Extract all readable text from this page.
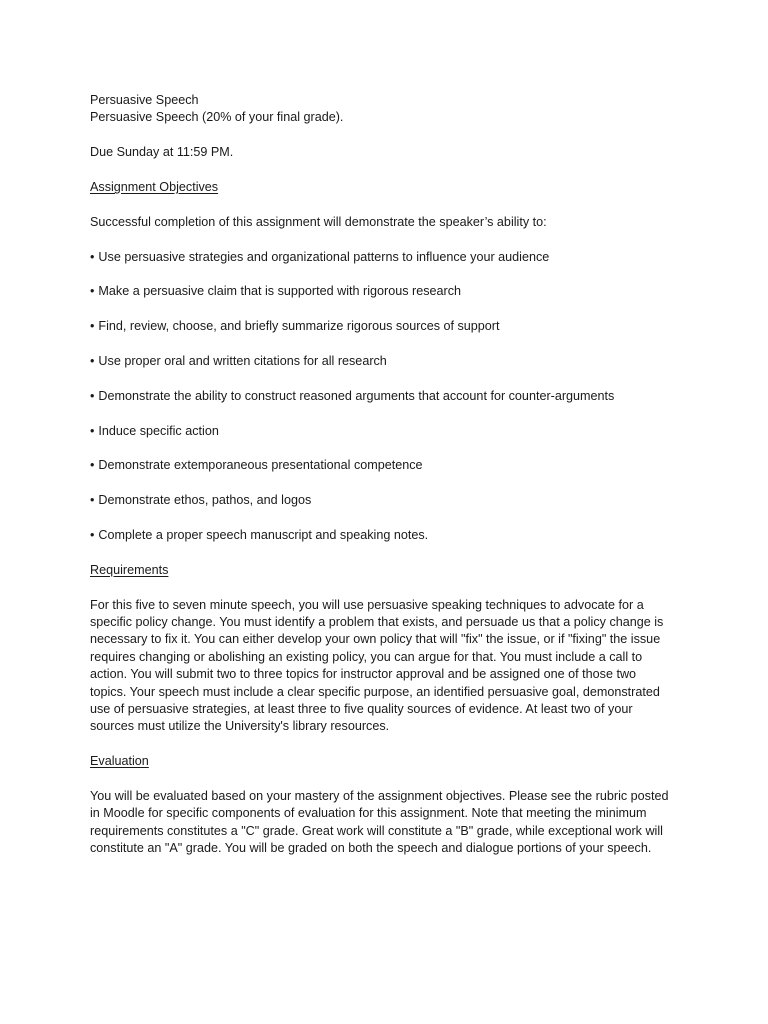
Persuasive Speech
Persuasive Speech (20% of your final grade).
Due Sunday at 11:59 PM.
Assignment Objectives
Successful completion of this assignment will demonstrate the speaker’s ability to:
• Use persuasive strategies and organizational patterns to influence your audience
• Make a persuasive claim that is supported with rigorous research
• Find, review, choose, and briefly summarize rigorous sources of support
• Use proper oral and written citations for all research
• Demonstrate the ability to construct reasoned arguments that account for counter-arguments
• Induce specific action
• Demonstrate extemporaneous presentational competence
• Demonstrate ethos, pathos, and logos
• Complete a proper speech manuscript and speaking notes.
Requirements
For this five to seven minute speech, you will use persuasive speaking techniques to advocate for a
specific policy change. You must identify a problem that exists, and persuade us that a policy change is
necessary to fix it. You can either develop your own policy that will "fix" the issue, or if "fixing" the issue
requires changing or abolishing an existing policy, you can argue for that. You must include a call to
action. You will submit two to three topics for instructor approval and be assigned one of those two
topics. Your speech must include a clear specific purpose, an identified persuasive goal, demonstrated
use of persuasive strategies, at least three to five quality sources of evidence. At least two of your
sources must utilize the University's library resources.
Evaluation
You will be evaluated based on your mastery of the assignment objectives. Please see the rubric posted
in Moodle for specific components of evaluation for this assignment. Note that meeting the minimum
requirements constitutes a "C" grade. Great work will constitute a "B" grade, while exceptional work will
constitute an "A" grade. You will be graded on both the speech and dialogue portions of your speech.
